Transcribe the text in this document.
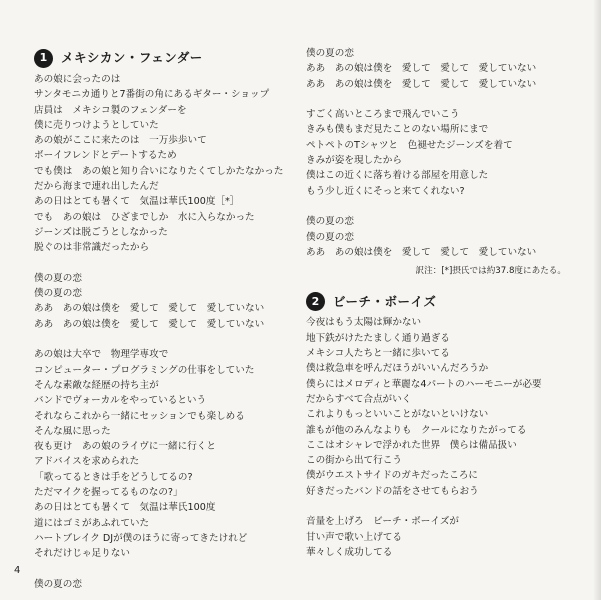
1	メキシカン・フェンダー
あの娘に会ったのは
サンタモニカ通りと7番街の角にあるギター・ショップ
店員は　メキシコ製のフェンダーを
僕に売りつけようとしていた
あの娘がここに来たのは　一万歩歩いて
ボーイフレンドとデートするため
でも僕は　あの娘と知り合いになりたくてしかたなかった
だから海まで連れ出したんだ
あの日はとても暑くて　気温は華氏100度［*］
でも　あの娘は　ひざまでしか　水に入らなかった
ジーンズは脱ごうとしなかった
脱ぐのは非常識だったから
僕の夏の恋
僕の夏の恋
ああ　あの娘は僕を　愛して　愛して　愛していない
ああ　あの娘は僕を　愛して　愛して　愛していない
あの娘は大卒で　物理学専攻で
コンピューター・プログラミングの仕事をしていた
そんな素敵な経歴の持ち主が
バンドでヴォーカルをやっているという
それならこれから一緒にセッションでも楽しめる
そんな風に思った
夜も更け　あの娘のライヴに一緒に行くと
アドバイスを求められた
「歌ってるときは手をどうしてるの?
ただマイクを握ってるものなの?」
あの日はとても暑くて　気温は華氏100度
道にはゴミがあふれていた
ハートブレイク DJが僕のほうに寄ってきたけれど
それだけじゃ足りない
僕の夏の恋
僕の夏の恋
ああ　あの娘は僕を　愛して　愛して　愛していない
ああ　あの娘は僕を　愛して　愛して　愛していない
すごく高いところまで飛んでいこう
きみも僕もまだ見たことのない場所にまで
ペトペトのTシャツと　色褪せたジーンズを着て
きみが姿を現したから
僕はこの近くに落ち着ける部屋を用意した
もう少し近くにそっと来てくれない?
僕の夏の恋
僕の夏の恋
ああ　あの娘は僕を　愛して　愛して　愛していない
訳注：[*]摂氏では約37.8度にあたる。
2	ビーチ・ボーイズ
今夜はもう太陽は輝かない
地下鉄がけたたましく通り過ぎる
メキシコ人たちと一緒に歩いてる
僕は救急車を呼んだほうがいいんだろうか
僕らにはメロディと華麗な4パートのハーモニーが必要
だからすべて合点がいく
これよりもっといいことがないといけない
誰もが他のみんなよりも　クールになりたがってる
ここはオシャレで浮かれた世界　僕らは備品扱い
この街から出て行こう
僕がウエストサイドのガキだったころに
好きだったバンドの話をさせてもらおう
音量を上げろ　ビーチ・ボーイズが
甘い声で歌い上げてる
華々しく成功してる
4
